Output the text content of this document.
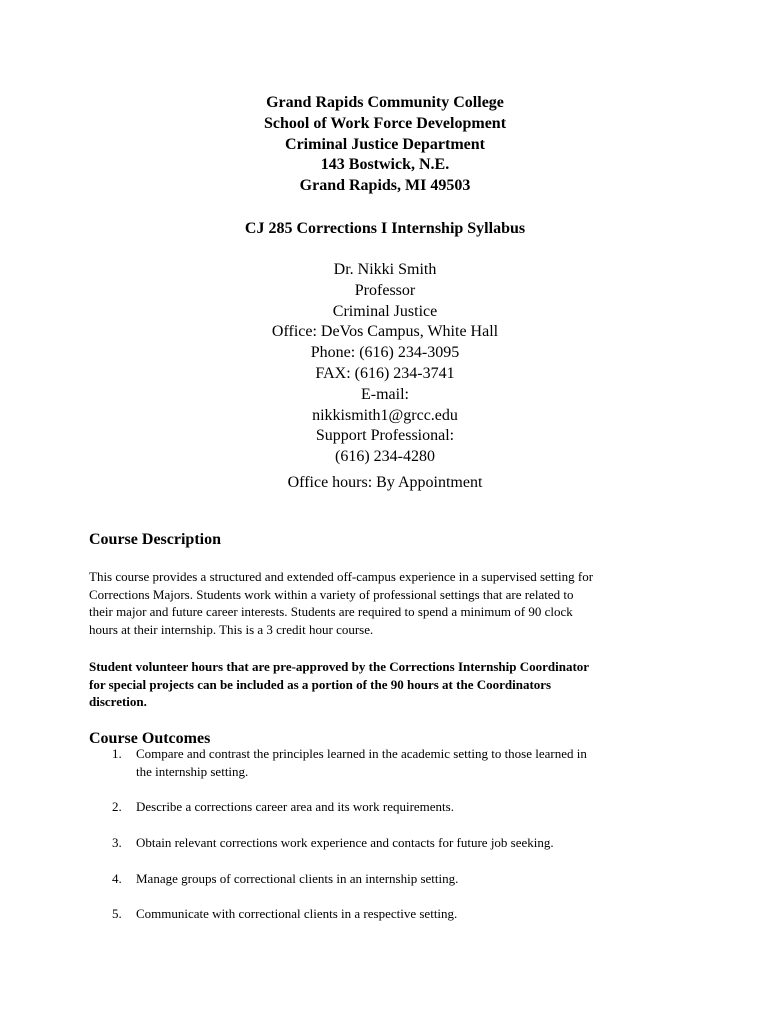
Grand Rapids Community College
School of Work Force Development
Criminal Justice Department
143 Bostwick, N.E.
Grand Rapids, MI 49503
CJ 285 Corrections I Internship Syllabus
Dr. Nikki Smith
Professor
Criminal Justice
Office: DeVos Campus, White Hall
Phone: (616) 234-3095
FAX: (616) 234-3741
E-mail:
nikkismith1@grcc.edu
Support Professional:
(616) 234-4280
Office hours: By Appointment
Course Description
This course provides a structured and extended off-campus experience in a supervised setting for
Corrections Majors. Students work within a variety of professional settings that are related to
their major and future career interests. Students are required to spend a minimum of 90 clock
hours at their internship. This is a 3 credit hour course.
Student volunteer hours that are pre-approved by the Corrections Internship Coordinator
for special projects can be included as a portion of the 90 hours at the Coordinators
discretion.
Course Outcomes
1. Compare and contrast the principles learned in the academic setting to those learned in
the internship setting.
2. Describe a corrections career area and its work requirements.
3. Obtain relevant corrections work experience and contacts for future job seeking.
4. Manage groups of correctional clients in an internship setting.
5. Communicate with correctional clients in a respective setting.
